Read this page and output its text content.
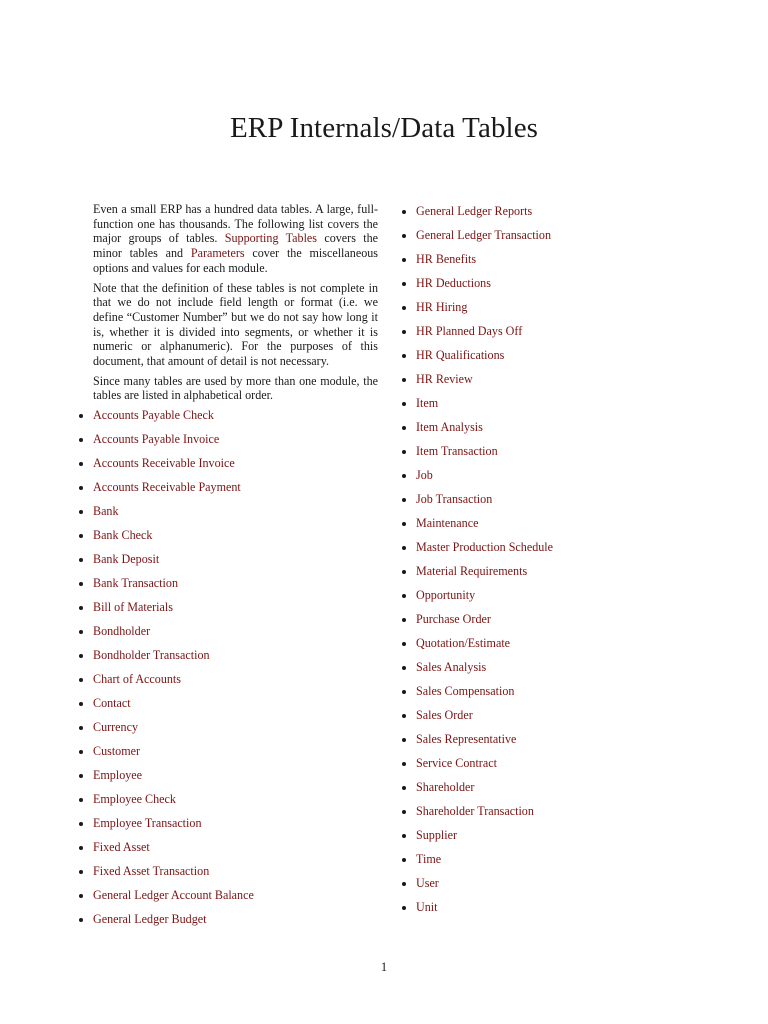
ERP Internals/Data Tables

Even a small ERP has a hundred data tables. A large, full-function one has thousands. The following list covers the major groups of tables. Supporting Tables covers the minor tables and Parameters cover the miscellaneous options and values for each module.

Note that the definition of these tables is not complete in that we do not include field length or format (i.e. we define “Customer Number” but we do not say how long it is, whether it is divided into segments, or whether it is numeric or alphanumeric). For the purposes of this document, that amount of detail is not necessary.

Since many tables are used by more than one module, the tables are listed in alphabetical order.

Accounts Payable Check
Accounts Payable Invoice
Accounts Receivable Invoice
Accounts Receivable Payment
Bank
Bank Check
Bank Deposit
Bank Transaction
Bill of Materials
Bondholder
Bondholder Transaction
Chart of Accounts
Contact
Currency
Customer
Employee
Employee Check
Employee Transaction
Fixed Asset
Fixed Asset Transaction
General Ledger Account Balance
General Ledger Budget
General Ledger Reports
General Ledger Transaction
HR Benefits
HR Deductions
HR Hiring
HR Planned Days Off
HR Qualifications
HR Review
Item
Item Analysis
Item Transaction
Job
Job Transaction
Maintenance
Master Production Schedule
Material Requirements
Opportunity
Purchase Order
Quotation/Estimate
Sales Analysis
Sales Compensation
Sales Order
Sales Representative
Service Contract
Shareholder
Shareholder Transaction
Supplier
Time
User
Unit
1
